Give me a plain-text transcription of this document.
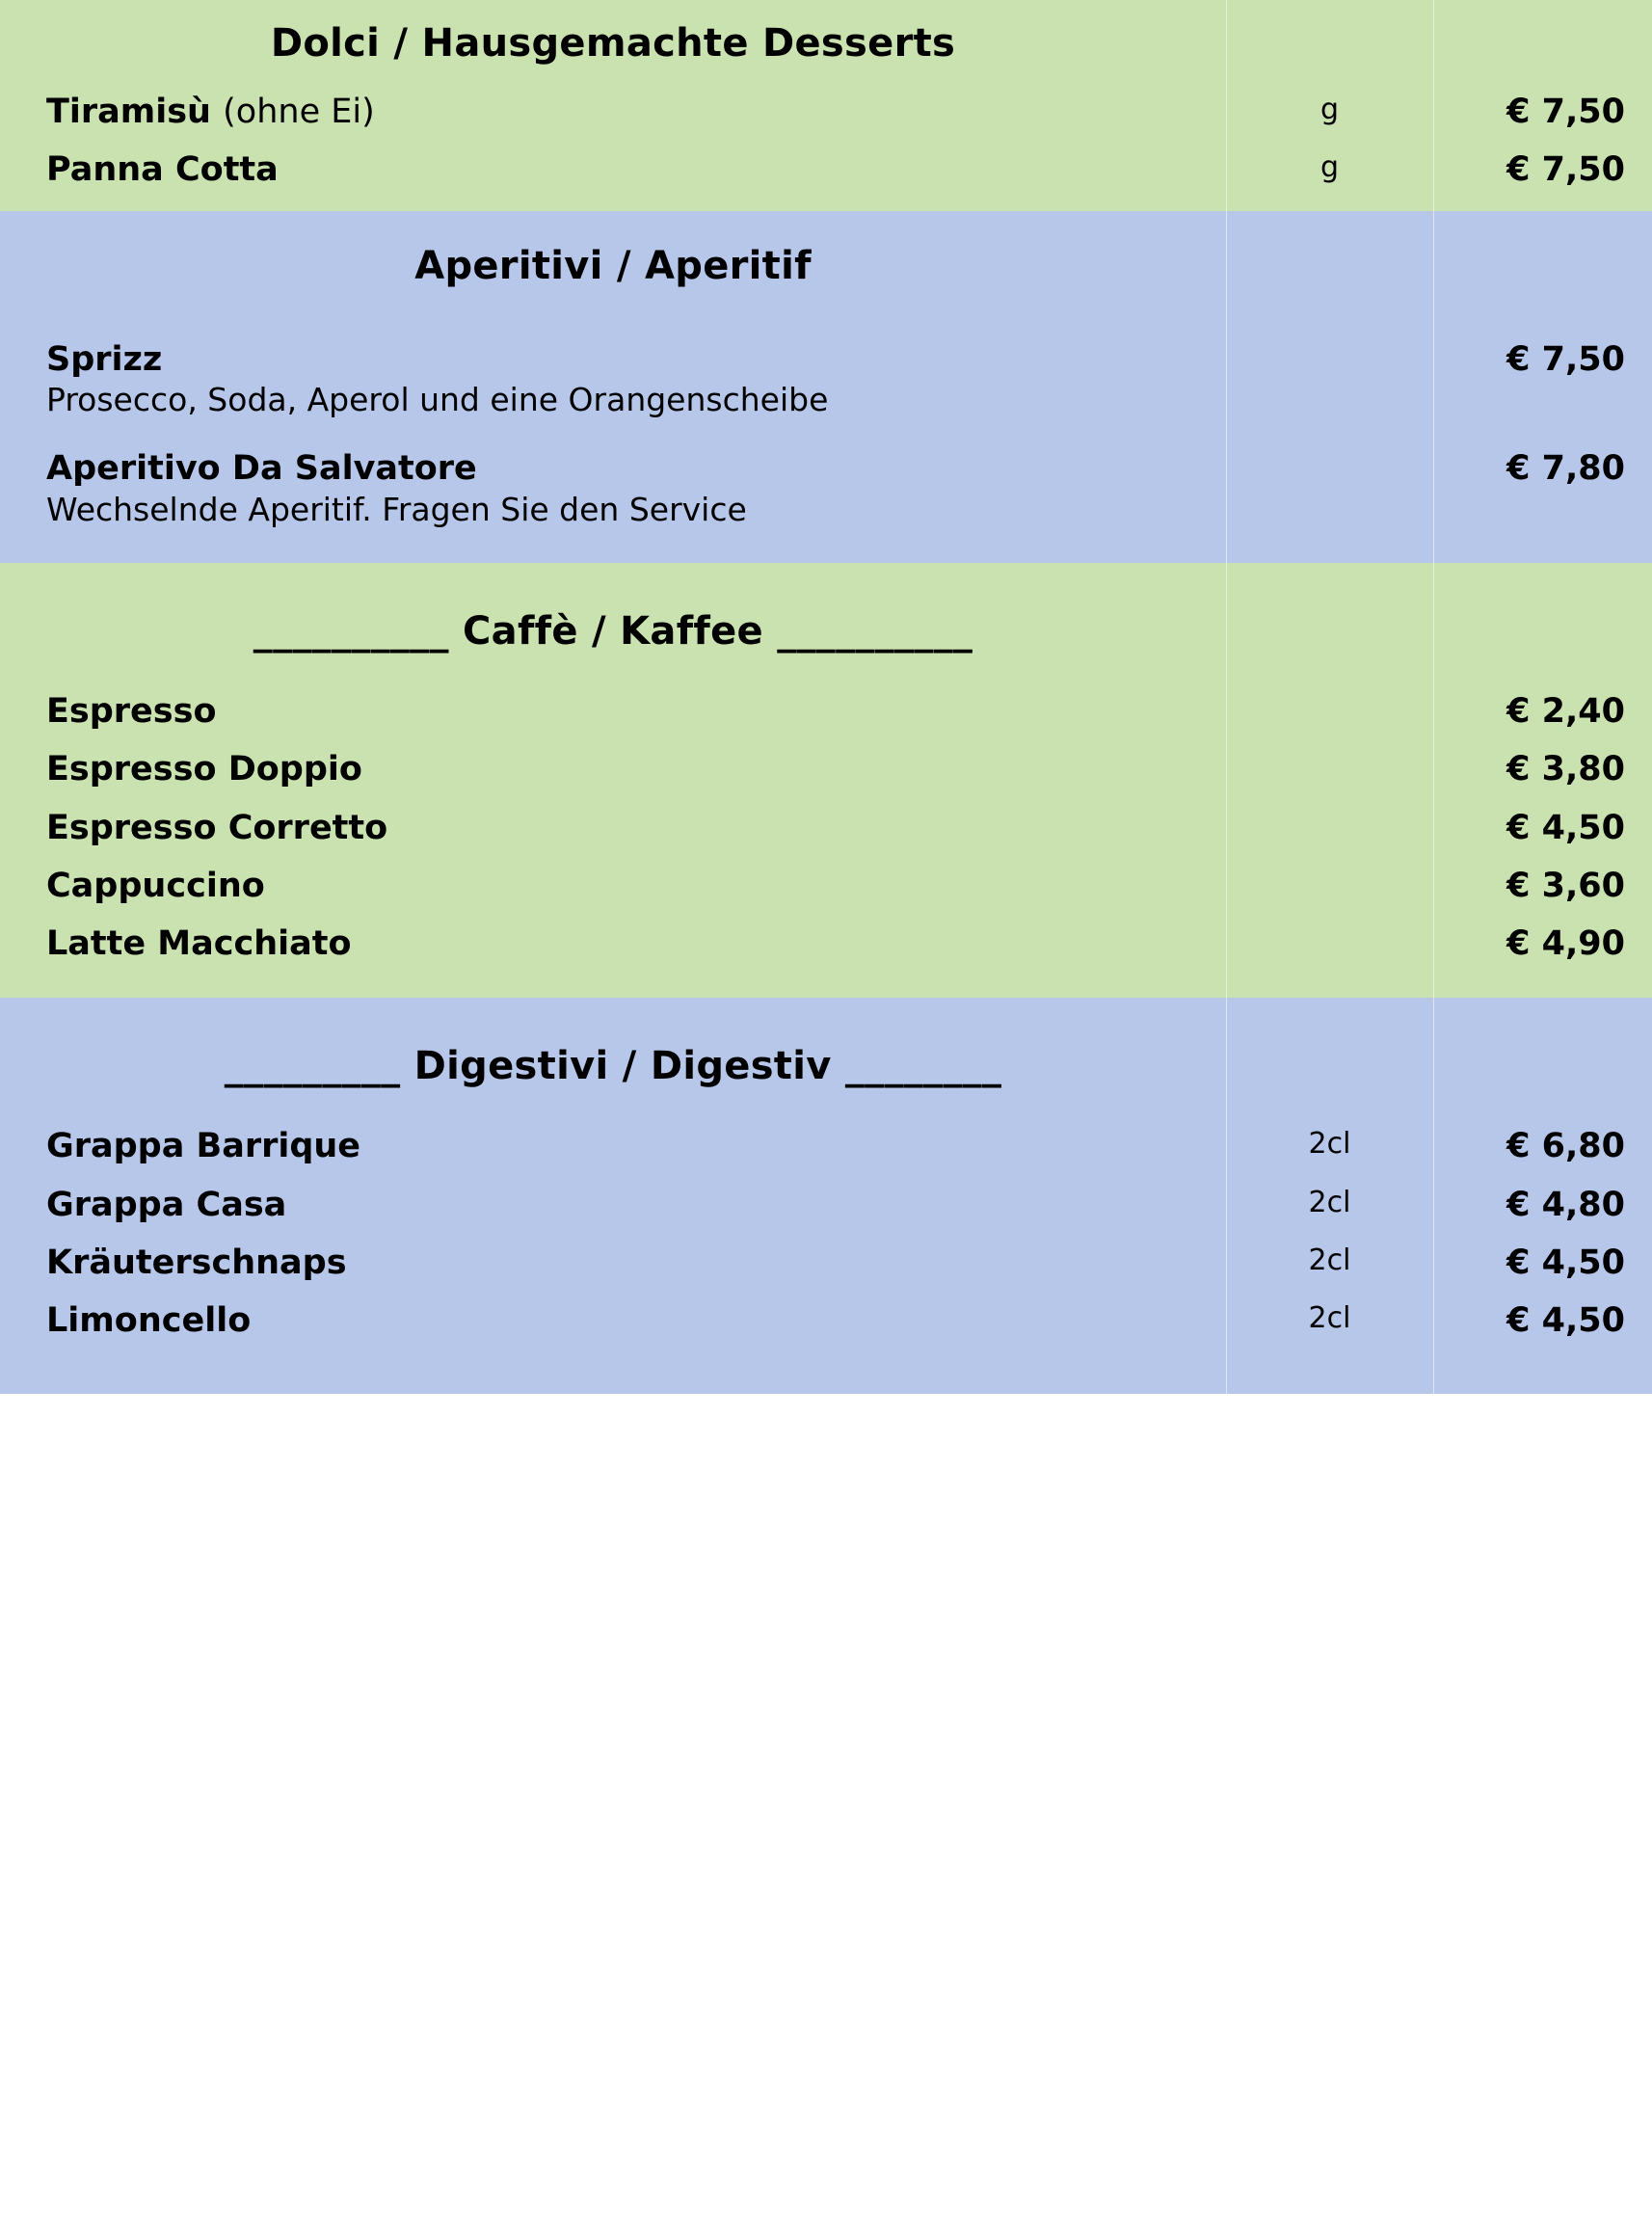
Dolci / Hausgemachte Desserts
Tiramisù (ohne Ei)	g	€ 7,50
Panna Cotta	g	€ 7,50
Aperitivi / Aperitif
Sprizz
Prosecco, Soda, Aperol und eine Orangenscheibe
€ 7,50
Aperitivo Da Salvatore
Wechselnde Aperitif. Fragen Sie den Service
€ 7,80
__________ Caffè / Kaffee __________
Espresso	€ 2,40
Espresso Doppio	€ 3,80
Espresso Corretto	€ 4,50
Cappuccino	€ 3,60
Latte Macchiato	€ 4,90
_________ Digestivi / Digestiv ________
Grappa Barrique	2cl	€ 6,80
Grappa Casa	2cl	€ 4,80
Kräuterschnaps	2cl	€ 4,50
Limoncello	2cl	€ 4,50
